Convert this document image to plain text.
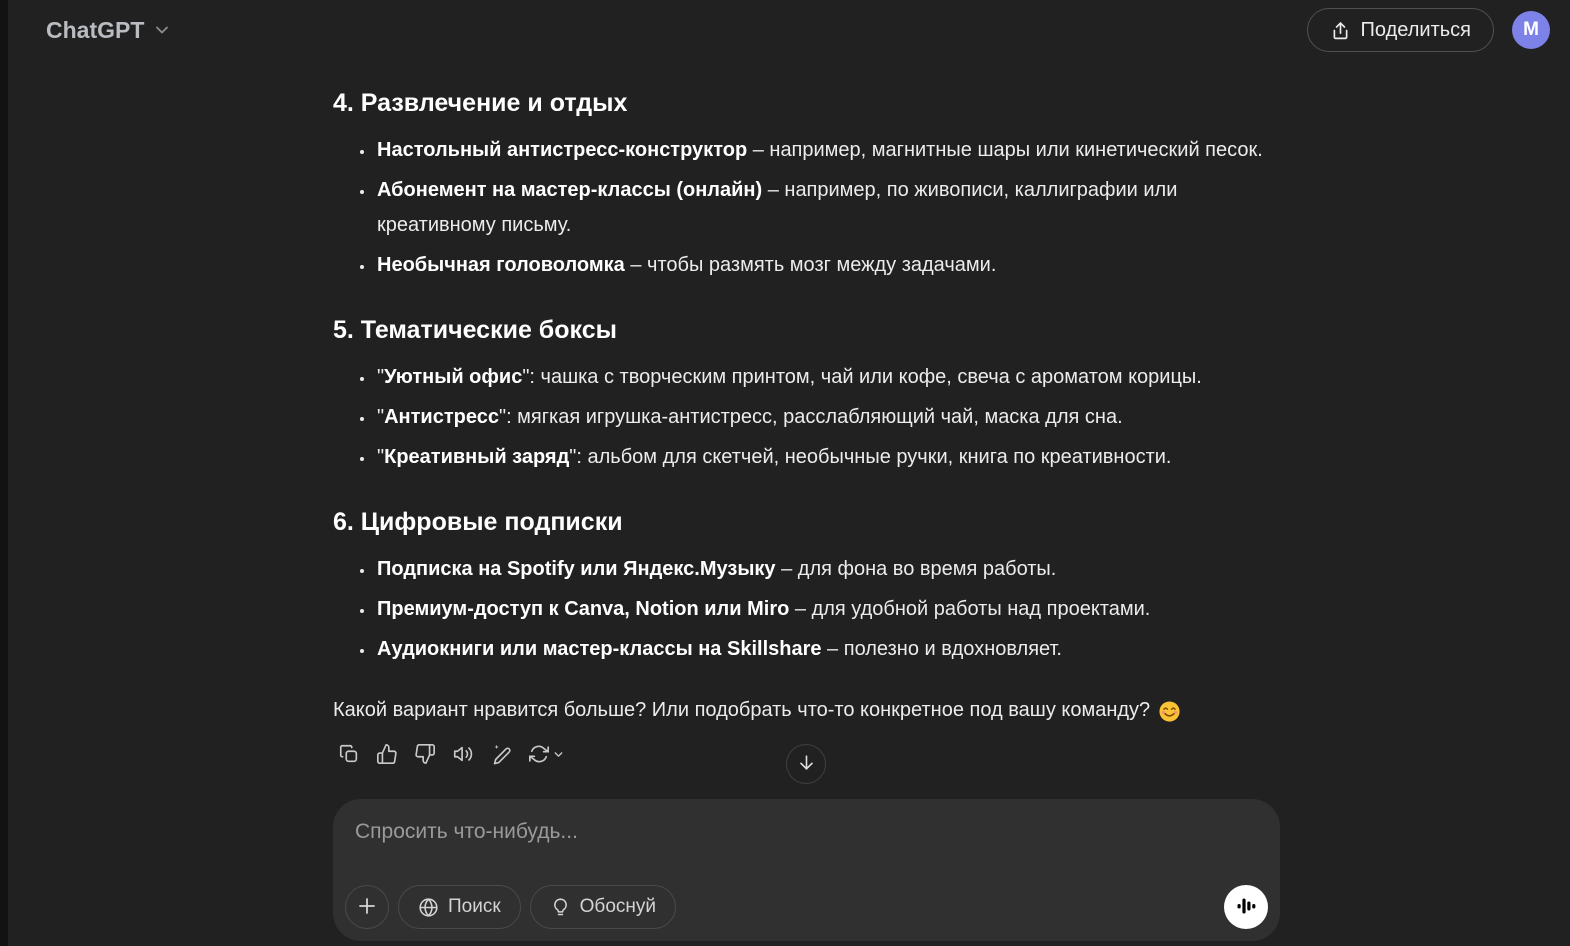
ChatGPT	Поделиться	M
4. Развлечение и отдых
• Настольный антистресс-конструктор – например, магнитные шары или кинетический песок.
• Абонемент на мастер-классы (онлайн) – например, по живописи, каллиграфии или креативному письму.
• Необычная головоломка – чтобы размять мозг между задачами.
5. Тематические боксы
• "Уютный офис": чашка с творческим принтом, чай или кофе, свеча с ароматом корицы.
• "Антистресс": мягкая игрушка-антистресс, расслабляющий чай, маска для сна.
• "Креативный заряд": альбом для скетчей, необычные ручки, книга по креативности.
6. Цифровые подписки
• Подписка на Spotify или Яндекс.Музыку – для фона во время работы.
• Премиум-доступ к Canva, Notion или Miro – для удобной работы над проектами.
• Аудиокниги или мастер-классы на Skillshare – полезно и вдохновляет.
Какой вариант нравится больше? Или подобрать что-то конкретное под вашу команду?
Спросить что-нибудь...
Поиск	Обоснуй
